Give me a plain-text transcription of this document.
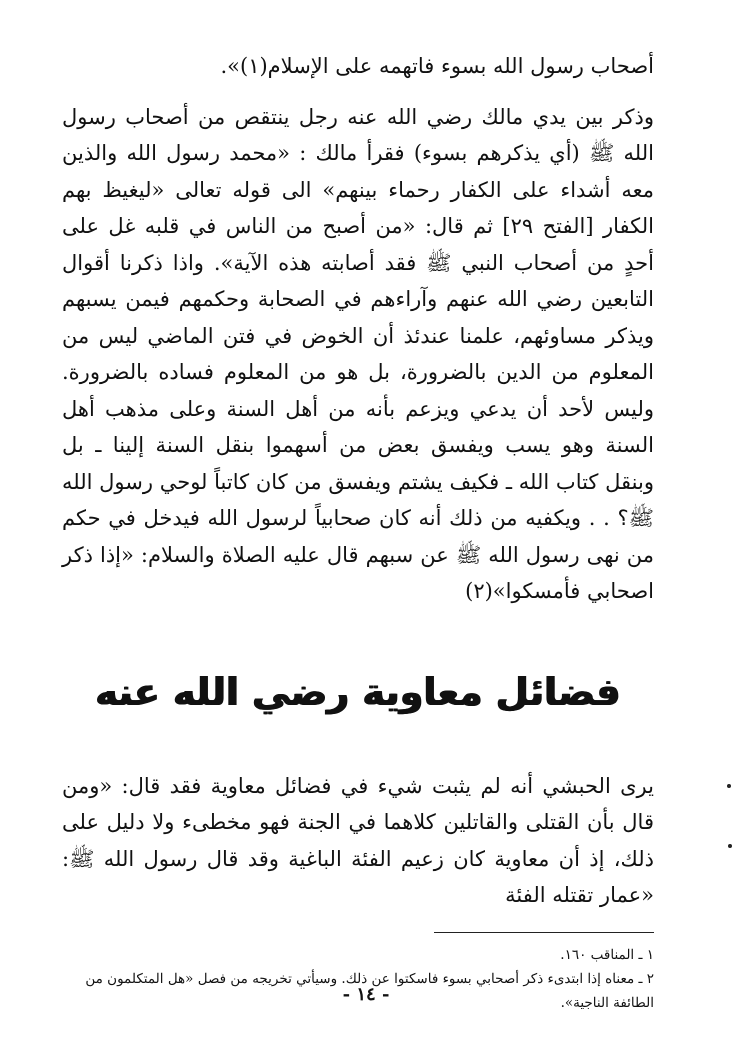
أصحاب رسول الله بسوء فاتهمه على الإسلام(١)».

وذكر بين يدي مالك رضي الله عنه رجل ينتقص من أصحاب رسول الله ﷺ (أي يذكرهم بسوء) فقرأ مالك : «محمد رسول الله والذين معه أشداء على الكفار رحماء بينهم» الى قوله تعالى «ليغيظ بهم الكفار [الفتح ٢٩] ثم قال: «من أصبح من الناس في قلبه غل على أحدٍ من أصحاب النبي ﷺ فقد أصابته هذه الآية». واذا ذكرنا أقوال التابعين رضي الله عنهم وآراءهم في الصحابة وحكمهم فيمن يسبهم ويذكر مساوئهم، علمنا عندئذ أن الخوض في فتن الماضي ليس من المعلوم من الدين بالضرورة، بل هو من المعلوم فساده بالضرورة. وليس لأحد أن يدعي ويزعم بأنه من أهل السنة وعلى مذهب أهل السنة وهو يسب ويفسق بعض من أسهموا بنقل السنة إلينا ـ بل وبنقل كتاب الله ـ فكيف يشتم ويفسق من كان كاتباً لوحي رسول الله ﷺ؟ . . ويكفيه من ذلك أنه كان صحابياً لرسول الله فيدخل في حكم من نهى رسول الله ﷺ عن سبهم قال عليه الصلاة والسلام: «إذا ذكر اصحابي فأمسكوا»(٢)

فضائل معاوية رضي الله عنه

يرى الحبشي أنه لم يثبت شيء في فضائل معاوية فقد قال: «ومن قال بأن القتلى والقاتلين كلاهما في الجنة فهو مخطىء ولا دليل على ذلك، إذ أن معاوية كان زعيم الفئة الباغية وقد قال رسول الله ﷺ: «عمار تقتله الفئة

١ ـ المناقب ١٦٠.

٢ ـ معناه إذا ابتدىء ذكر أصحابي بسوء فاسكتوا عن ذلك. وسيأتي تخريجه من فصل «هل المتكلمون من الطائفة الناجية».

- ١٤ -
